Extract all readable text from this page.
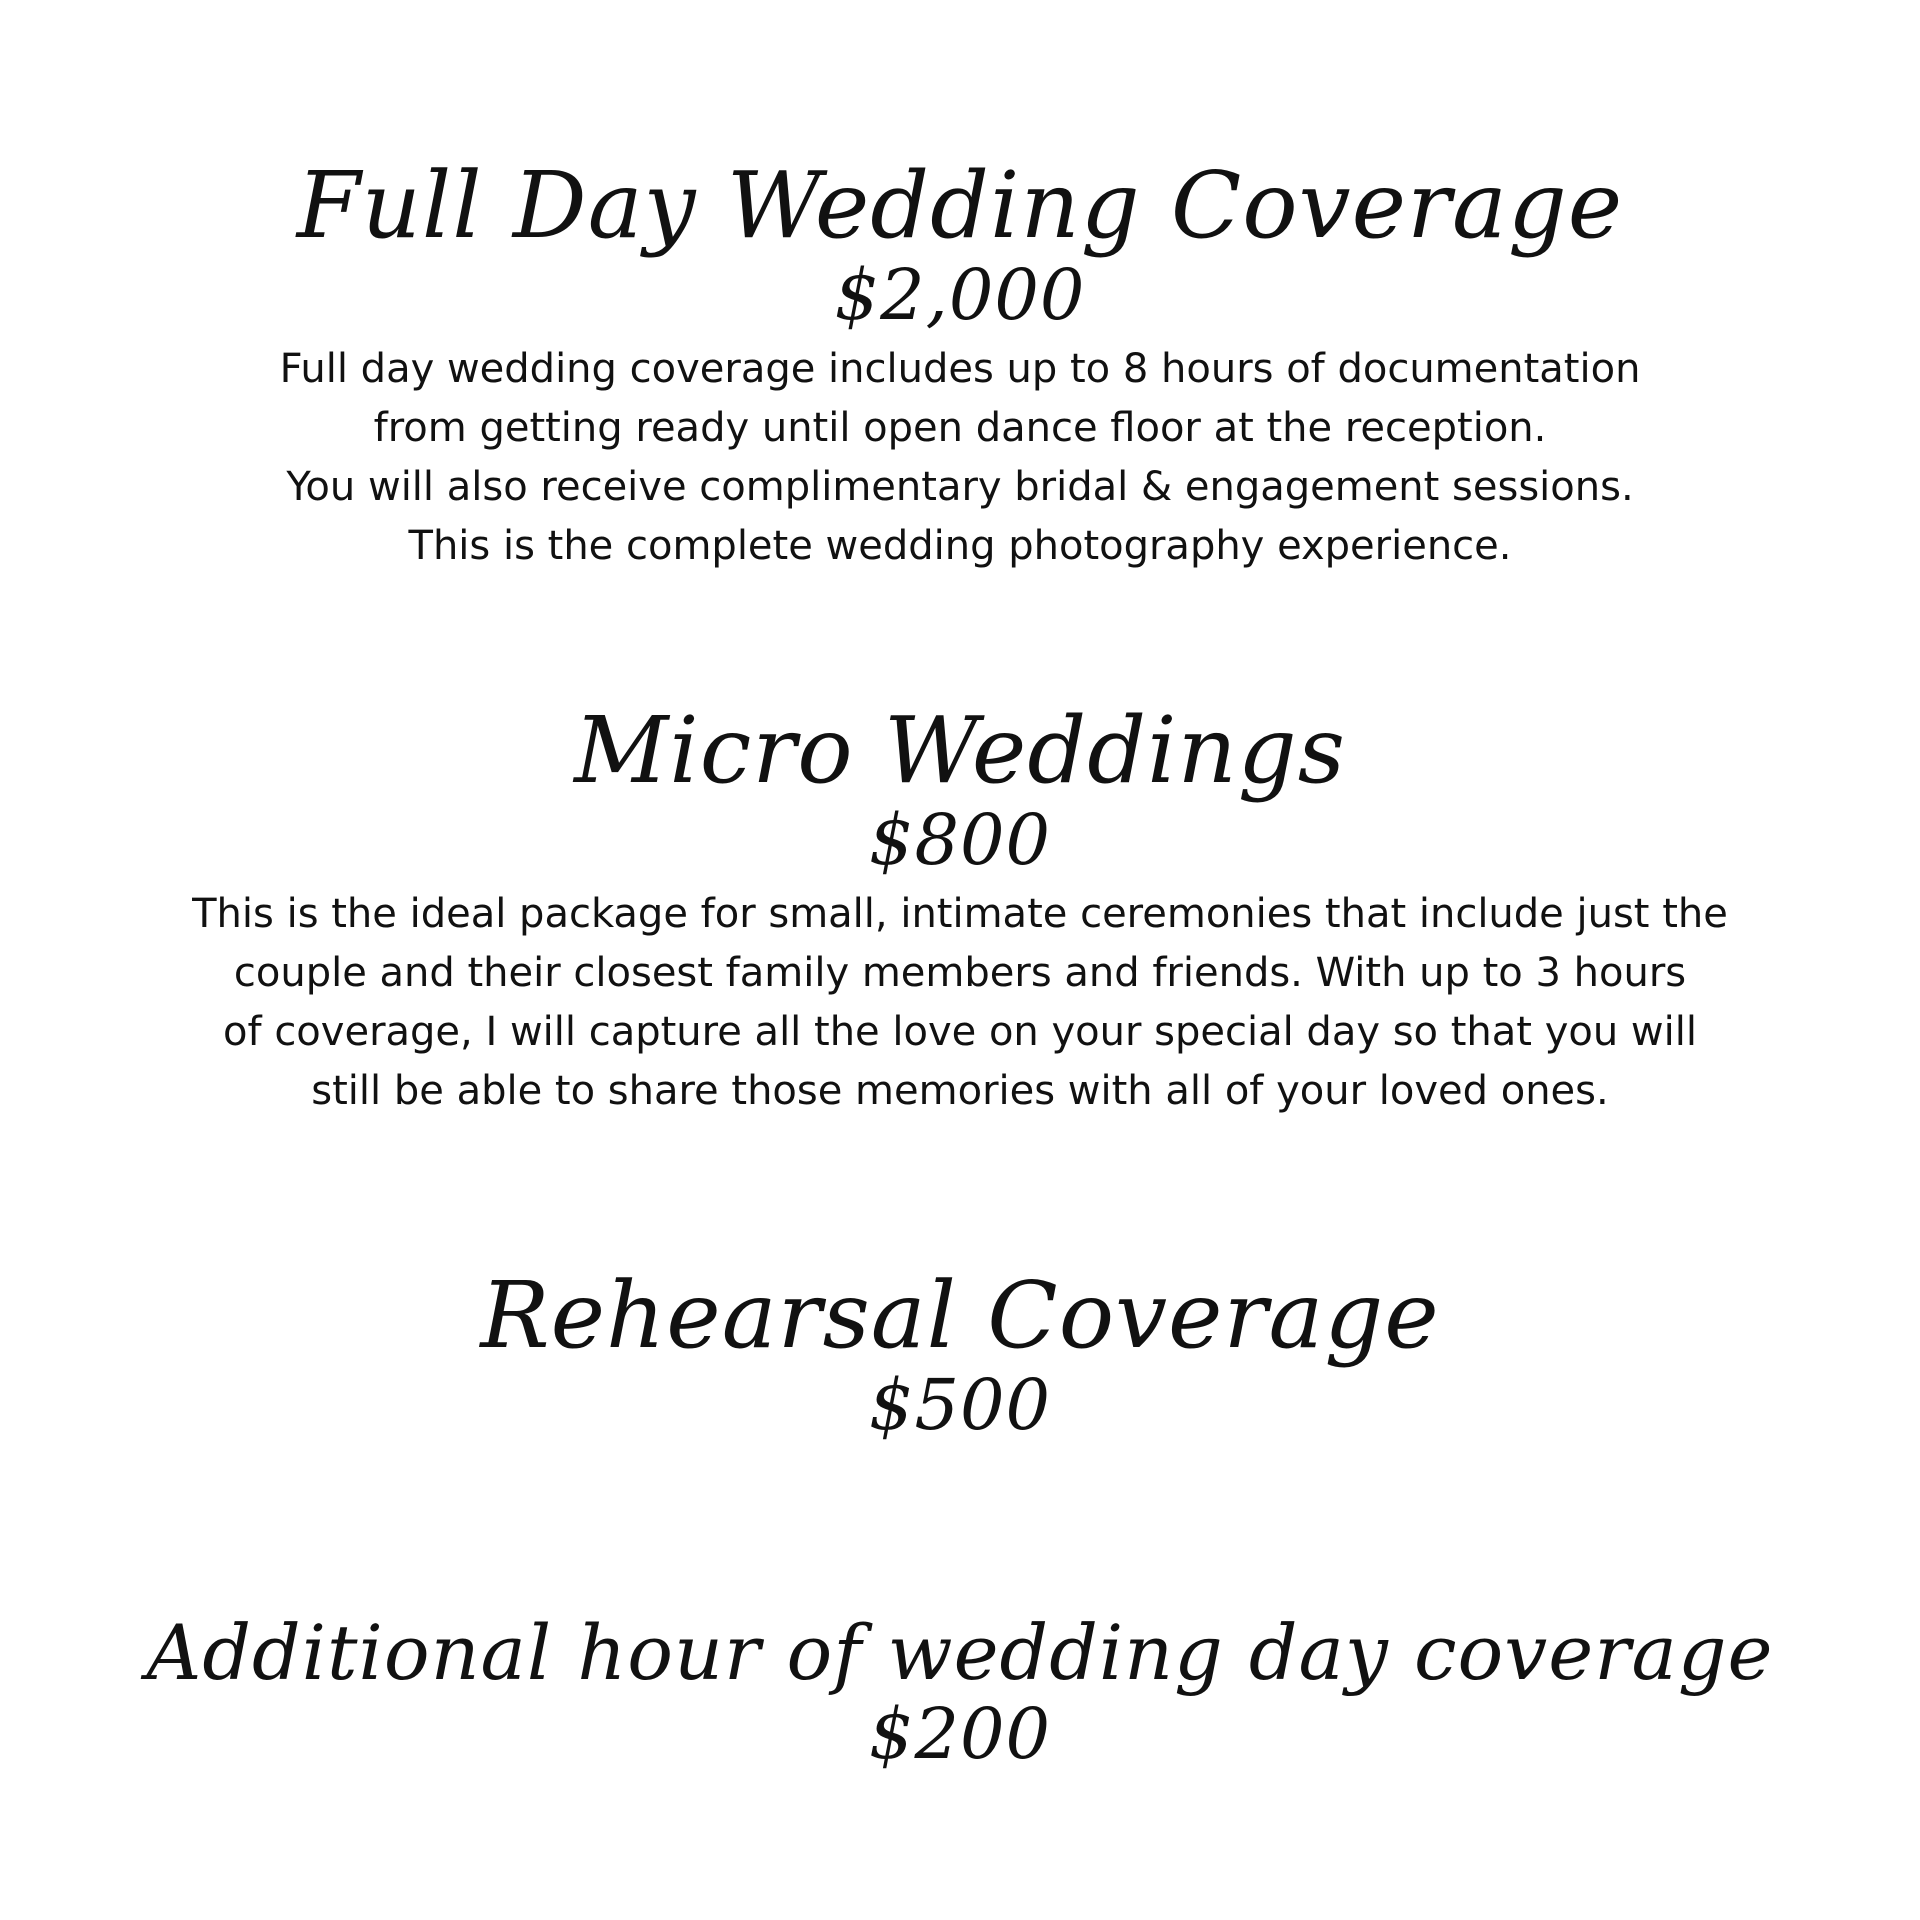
Full Day Wedding Coverage
$2,000

Full day wedding coverage includes up to 8 hours of documentation

from getting ready until open dance floor at the reception.

You will also receive complimentary bridal & engagement sessions.

This is the complete wedding photography experience.

Micro Weddings
$800

This is the ideal package for small, intimate ceremonies that include just the

couple and their closest family members and friends. With up to 3 hours

of coverage, I will capture all the love on your special day so that you will

still be able to share those memories with all of your loved ones.

Rehearsal Coverage
$500
Additional hour of wedding day coverage
$200
